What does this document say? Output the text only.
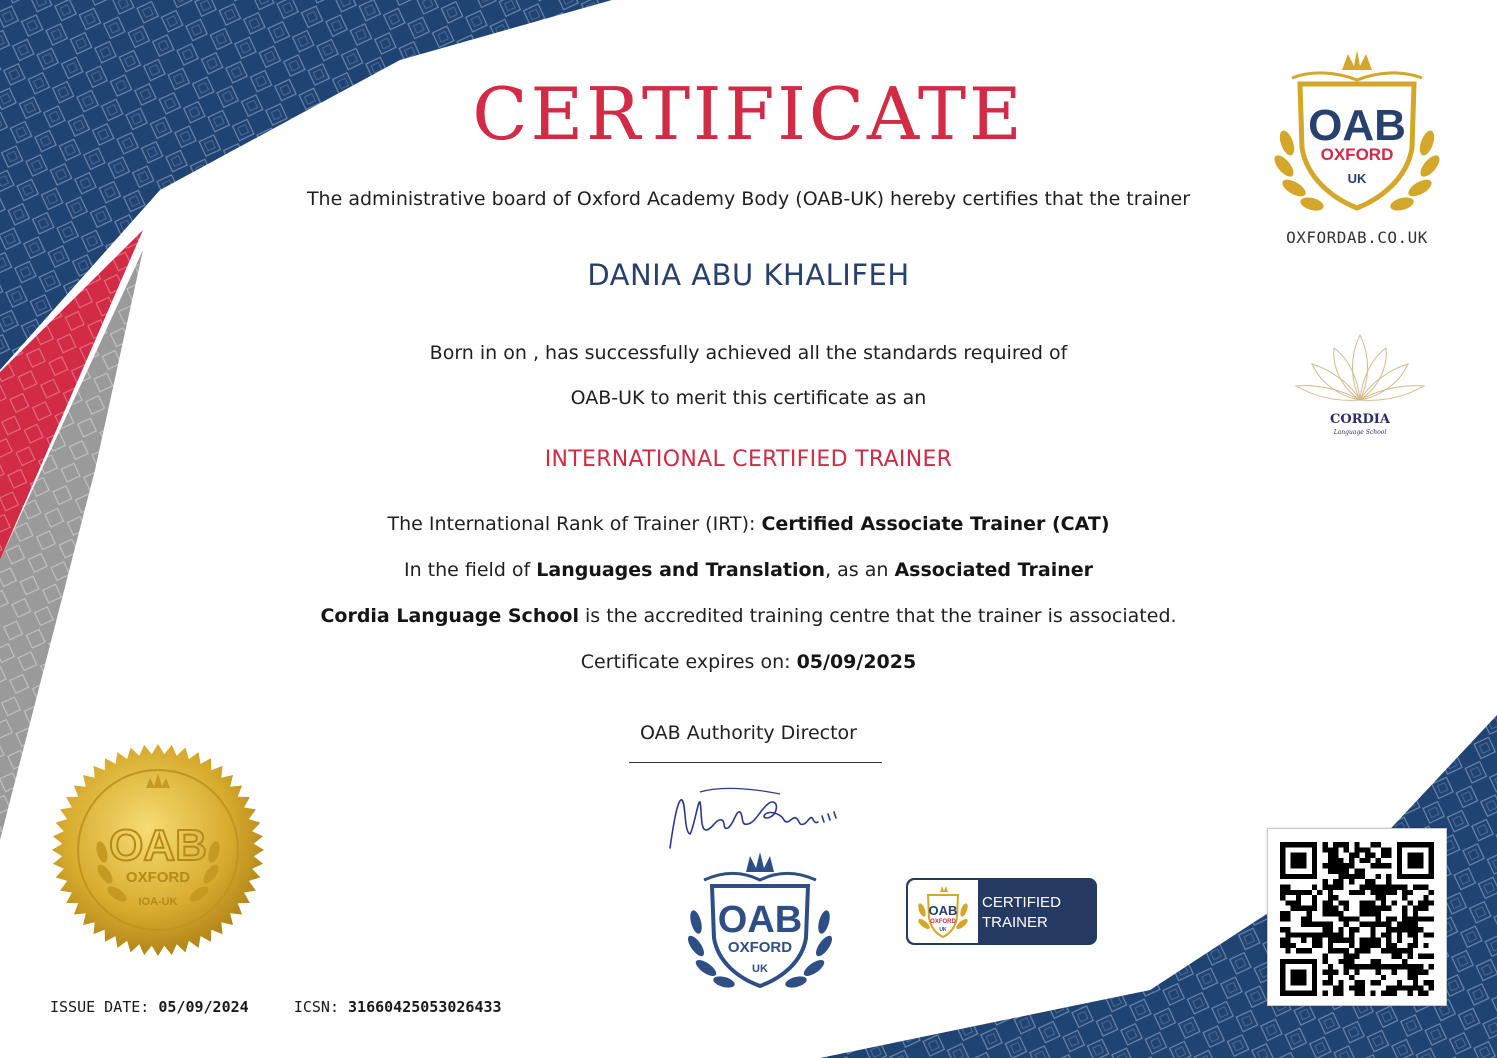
CERTIFICATE
The administrative board of Oxford Academy Body (OAB-UK) hereby certifies that the trainer
DANIA ABU KHALIFEH
Born in on , has successfully achieved all the standards required of
OAB-UK to merit this certificate as an
INTERNATIONAL CERTIFIED TRAINER
The International Rank of Trainer (IRT): Certified Associate Trainer (CAT)
In the field of Languages and Translation, as an Associated Trainer
Cordia Language School is the accredited training centre that the trainer is associated.
Certificate expires on: 05/09/2025
OAB Authority Director
OAB
OXFORD
UK
OXFORDAB.CO.UK
CORDIA
Language School
OAB
OXFORD
IOA-UK	OAB
OXFORD
UK
OAB
OXFORD
UK
CERTIFIED
TRAINER
ISSUE DATE: 05/09/2024	ICSN: 31660425053026433
